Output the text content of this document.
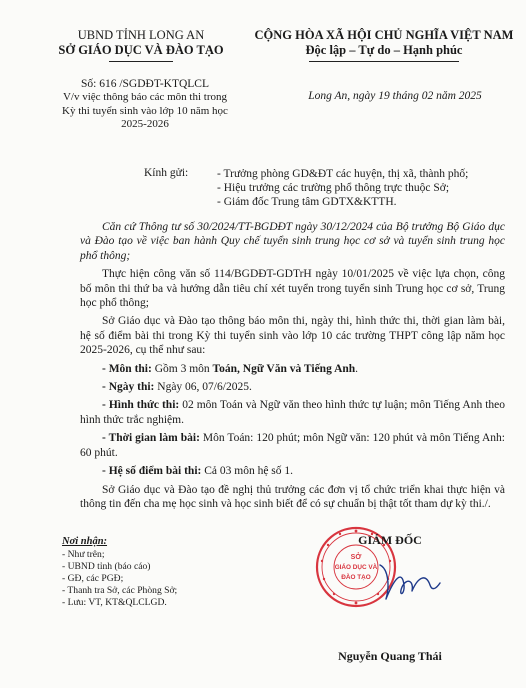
UBND TỈNH LONG AN
SỞ GIÁO DỤC VÀ ĐÀO TẠO
CỘNG HÒA XÃ HỘI CHỦ NGHĨA VIỆT NAM
Độc lập – Tự do – Hạnh phúc
Số: 616 /SGDĐT-KTQLCL
V/v việc thông báo các môn thi trong Kỳ thi tuyển sinh vào lớp 10 năm học 2025-2026
Long An, ngày 19 tháng 02 năm 2025
Kính gửi:	- Trưởng phòng GD&ĐT các huyện, thị xã, thành phố;
- Hiệu trưởng các trường phổ thông trực thuộc Sở;
- Giám đốc Trung tâm GDTX&KTTH.

Căn cứ Thông tư số 30/2024/TT-BGDĐT ngày 30/12/2024 của Bộ trưởng Bộ Giáo dục và Đào tạo về việc ban hành Quy chế tuyển sinh trung học cơ sở và tuyển sinh trung học phổ thông;

Thực hiện công văn số 114/BGDĐT-GDTrH ngày 10/01/2025 về việc lựa chọn, công bố môn thi thứ ba và hướng dẫn tiêu chí xét tuyển trong tuyển sinh Trung học cơ sở, Trung học phổ thông;

Sở Giáo dục và Đào tạo thông báo môn thi, ngày thi, hình thức thi, thời gian làm bài, hệ số điểm bài thi trong Kỳ thi tuyển sinh vào lớp 10 các trường THPT công lập năm học 2025-2026, cụ thể như sau:

- Môn thi: Gồm 3 môn Toán, Ngữ Văn và Tiếng Anh.

- Ngày thi: Ngày 06, 07/6/2025.

- Hình thức thi: 02 môn Toán và Ngữ văn theo hình thức tự luận; môn Tiếng Anh theo hình thức trắc nghiệm.

- Thời gian làm bài: Môn Toán: 120 phút; môn Ngữ văn: 120 phút và môn Tiếng Anh: 60 phút.

- Hệ số điểm bài thi: Cả 03 môn hệ số 1.

Sở Giáo dục và Đào tạo đề nghị thủ trưởng các đơn vị tổ chức triển khai thực hiện và thông tin đến cha mẹ học sinh và học sinh biết để có sự chuẩn bị thật tốt tham dự kỳ thi./.

Nơi nhận:
- Như trên;
- UBND tỉnh (báo cáo)
- GĐ, các PGĐ;
- Thanh tra Sở, các Phòng Sở;
- Lưu: VT, KT&QLCLGD.
SỞ
GIÁO DỤC VÀ
ĐÀO TẠO
GIÁM ĐỐC
Nguyễn Quang Thái
